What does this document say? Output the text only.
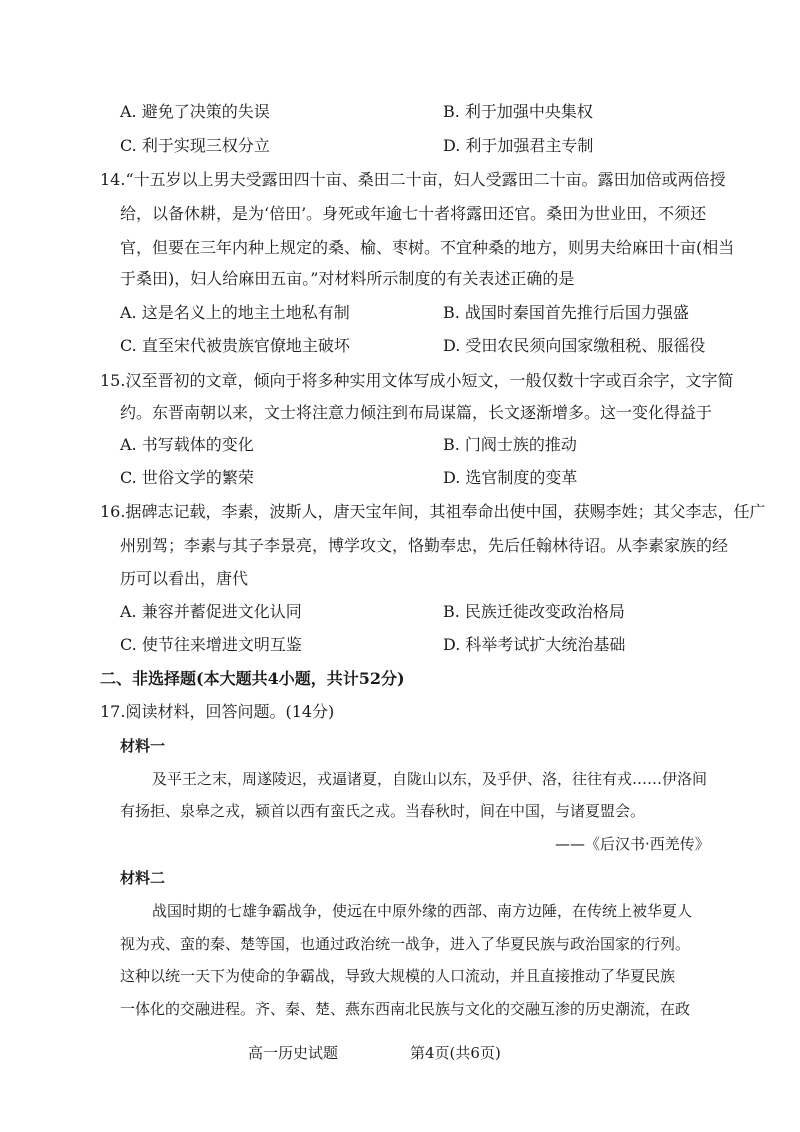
A. 避免了决策的失误	B. 利于加强中央集权
C. 利于实现三权分立	D. 利于加强君主专制
14.“十五岁以上男夫受露田四十亩、桑田二十亩，妇人受露田二十亩。露田加倍或两倍授
给，以备休耕，是为‘倍田’。身死或年逾七十者将露田还官。桑田为世业田，不须还
官，但要在三年内种上规定的桑、榆、枣树。不宜种桑的地方，则男夫给麻田十亩(相当
于桑田)，妇人给麻田五亩。”对材料所示制度的有关表述正确的是
A. 这是名义上的地主土地私有制	B. 战国时秦国首先推行后国力强盛
C. 直至宋代被贵族官僚地主破坏	D. 受田农民须向国家缴租税、服徭役
15.汉至晋初的文章，倾向于将多种实用文体写成小短文，一般仅数十字或百余字，文字简
约。东晋南朝以来，文士将注意力倾注到布局谋篇，长文逐渐增多。这一变化得益于
A. 书写载体的变化	B. 门阀士族的推动
C. 世俗文学的繁荣	D. 选官制度的变革
16.据碑志记载，李素，波斯人，唐天宝年间，其祖奉命出使中国，获赐李姓；其父李志，任广
州别驾；李素与其子李景亮，博学攻文，恪勤奉忠，先后任翰林待诏。从李素家族的经
历可以看出，唐代
A. 兼容并蓄促进文化认同	B. 民族迁徙改变政治格局
C. 使节往来增进文明互鉴	D. 科举考试扩大统治基础
二、非选择题(本大题共4小题，共计52分)
17.阅读材料，回答问题。(14分)
材料一
及平王之末，周遂陵迟，戎逼诸夏，自陇山以东，及乎伊、洛，往往有戎……伊洛间
有扬拒、泉皋之戎，颍首以西有蛮氏之戎。当春秋时，间在中国，与诸夏盟会。
——《后汉书·西羌传》
材料二
战国时期的七雄争霸战争，使远在中原外缘的西部、南方边陲，在传统上被华夏人
视为戎、蛮的秦、楚等国，也通过政治统一战争，进入了华夏民族与政治国家的行列。
这种以统一天下为使命的争霸战，导致大规模的人口流动，并且直接推动了华夏民族
一体化的交融进程。齐、秦、楚、燕东西南北民族与文化的交融互渗的历史潮流，在政
高一历史试题	第4页(共6页)
